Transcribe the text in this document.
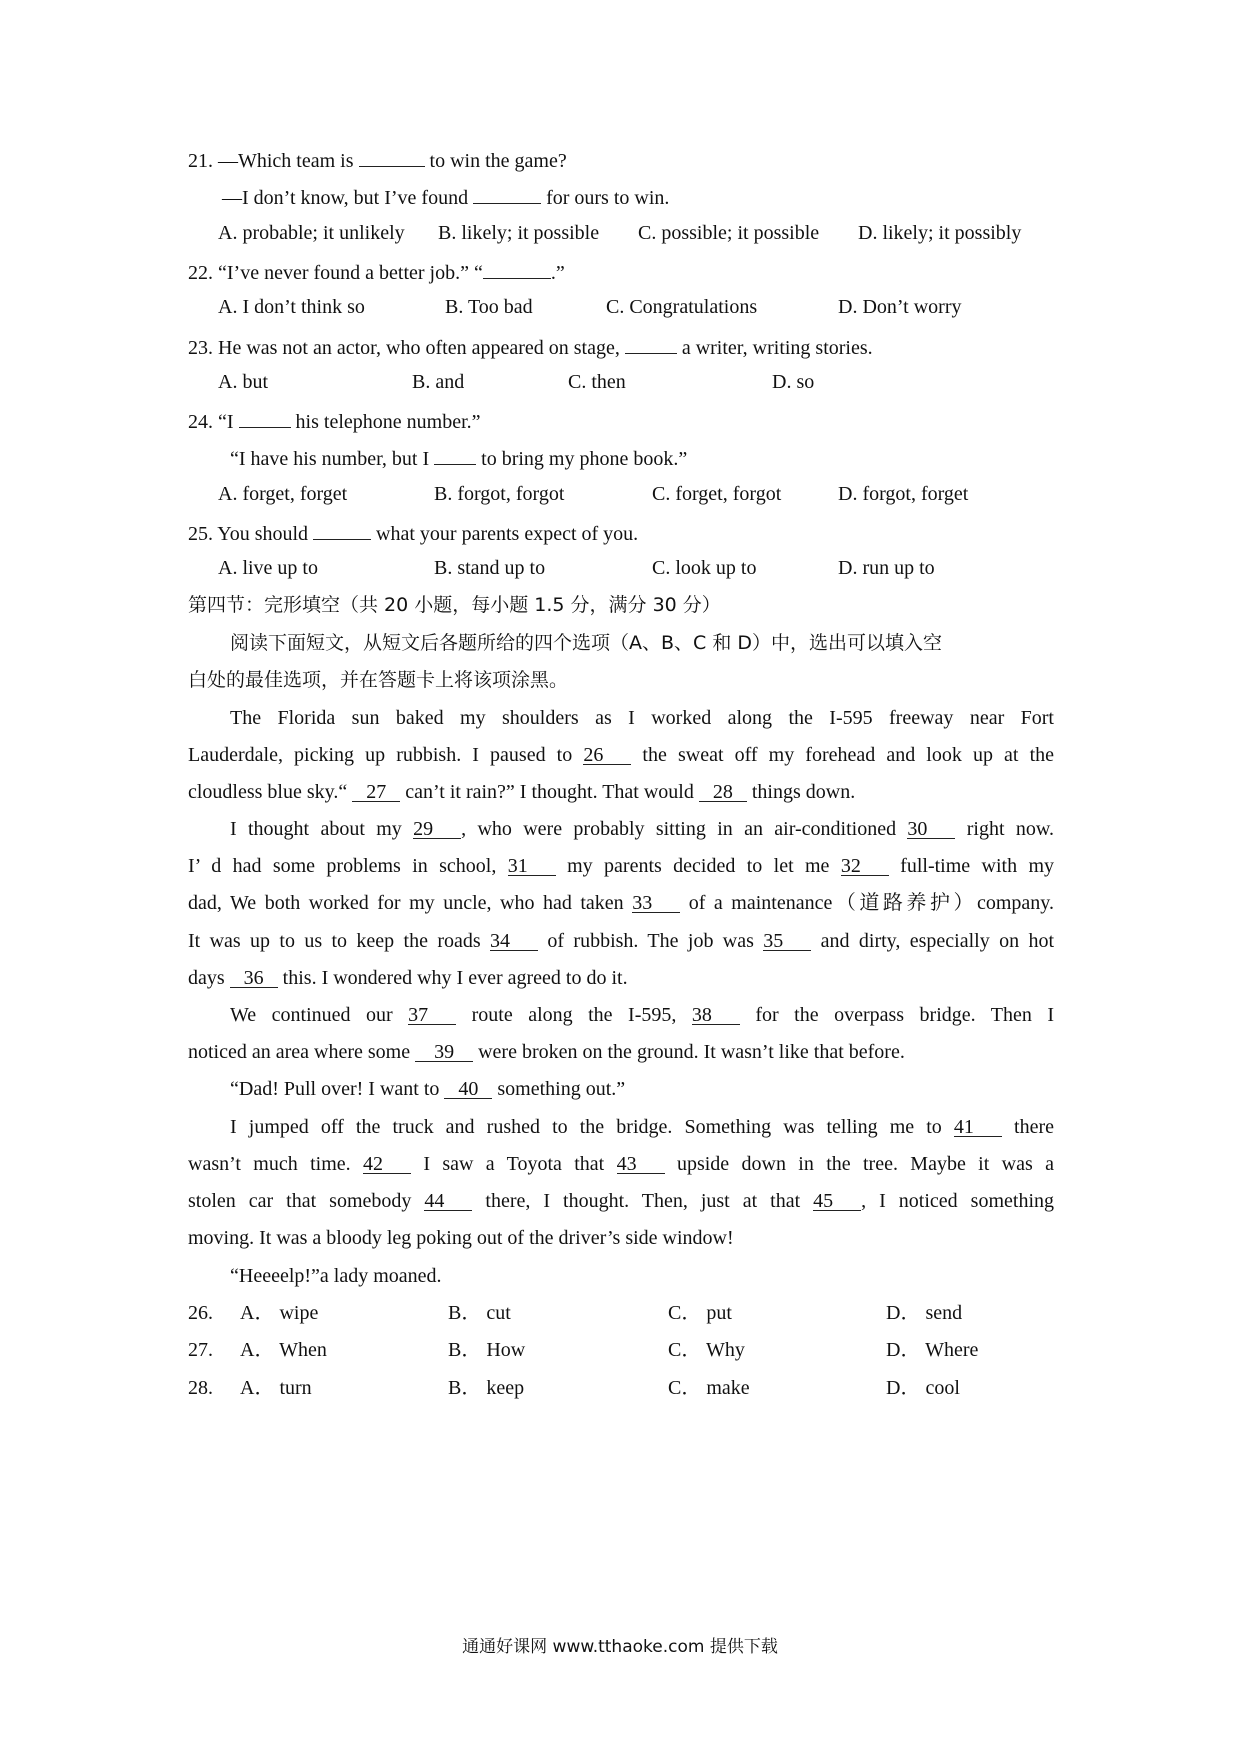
21. —Which team is	to win the game?
—I don’t know, but I’ve found	for ours to win.
A. probable; it unlikely B. likely; it possible C. possible; it possible D. likely; it possibly
22. “I’ve never found a better job.” “	.”
A. I don’t think so	B. Too bad	C. Congratulations	D. Don’t worry
23. He was not an actor, who often appeared on stage,	a writer, writing stories.
A. but	B. and	C. then	D. so
24. “I	his telephone number.”
“I have his number, but I  to bring my phone book.”
A. forget, forget	B. forgot, forgot	C. forget, forgot	D. forgot, forget
25. You should	what your parents expect of you.
A. live up to	B. stand up to	C. look up to	D. run up to
第四节：完形填空（共 20 小题，每小题 1.5 分，满分 30 分）
阅读下面短文，从短文后各题所给的四个选项（A、B、C 和 D）中，选出可以填入空
白处的最佳选项，并在答题卡上将该项涂黑。
The Florida sun baked my shoulders as I worked along the I-595 freeway near Fort
Lauderdale, picking up rubbish. I paused to 26 the sweat off my forehead and look up at the
cloudless blue sky.“ 27 can’t it rain?” I thought. That would 28 things down.
I thought about my 29 , who were probably sitting in an air-conditioned 30 right now.
I’ d had some problems in school, 31 my parents decided to let me 32 full-time with my
dad, We both worked for my uncle, who had taken 33 of a maintenance（道路养护）company.
It was up to us to keep the roads 34 of rubbish. The job was 35 and dirty, especially on hot
days 36 this. I wondered why I ever agreed to do it.
We continued our 37 route along the I-595, 38 for the overpass bridge. Then I
noticed an area where some 39 were broken on the ground. It wasn’t like that before.
“Dad! Pull over! I want to 40 something out.”
I jumped off the truck and rushed to the bridge. Something was telling me to 41 there
wasn’t much time. 42 I saw a Toyota that 43 upside down in the tree. Maybe it was a
stolen car that somebody 44 there, I thought. Then, just at that 45 , I noticed something
moving. It was a bloody leg poking out of the driver’s side window!
“Heeeelp!”a lady moaned.
26. A． wipe	B． cut	C． put	D． send
27. A． When	B． How	C． Why	D． Where
28. A． turn	B． keep	C． make	D． cool
通通好课网 www.tthaoke.com 提供下载
